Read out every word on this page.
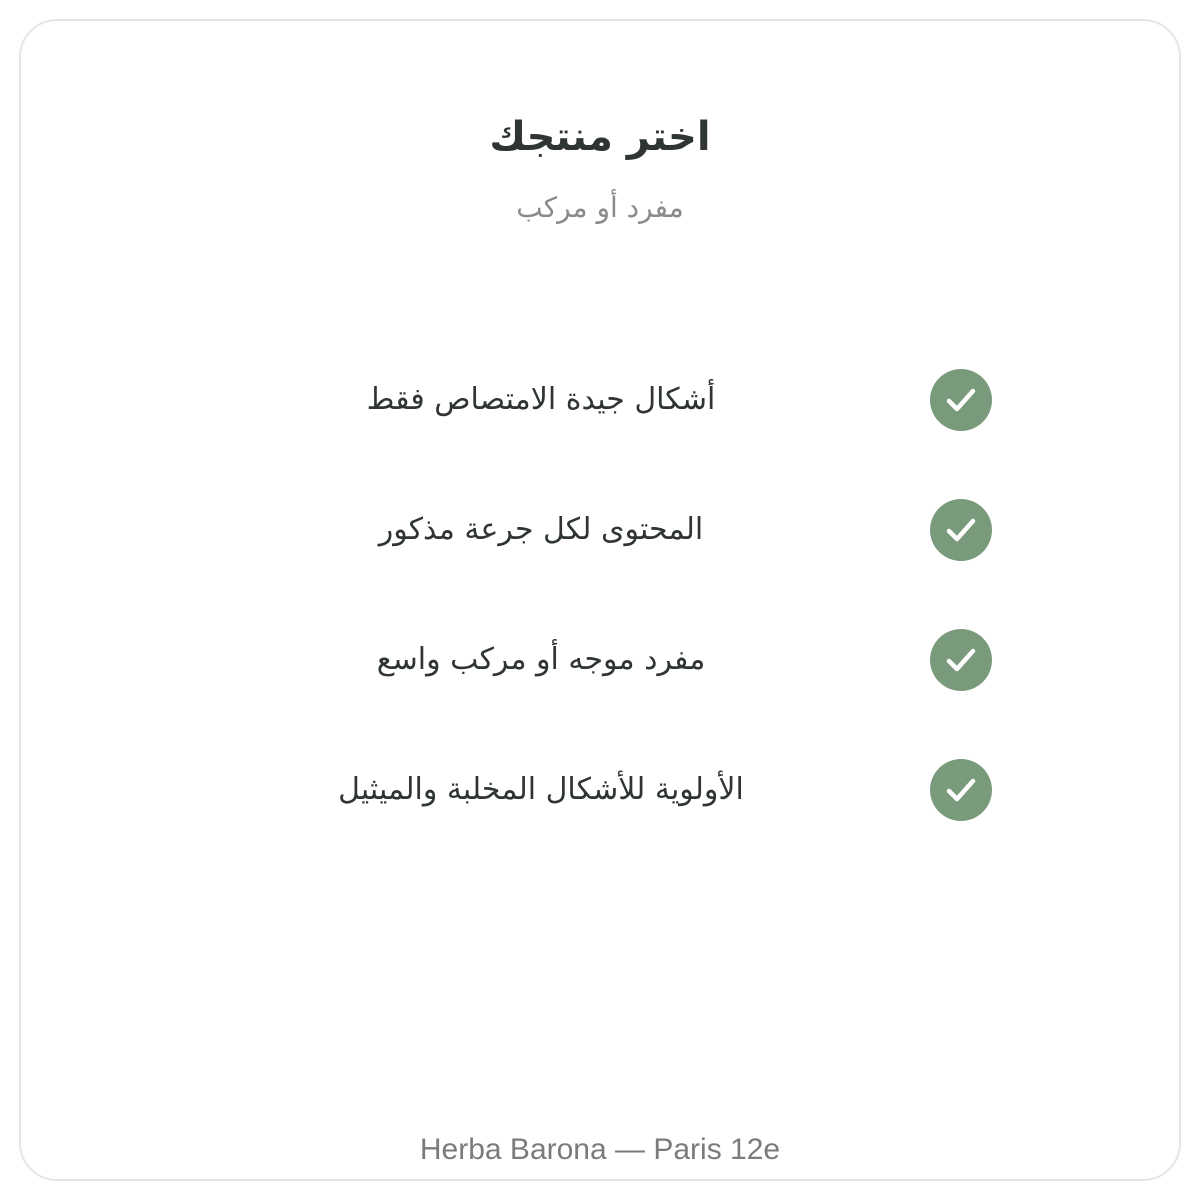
اختر منتجك
مفرد أو مركب
أشكال جيدة الامتصاص فقط
المحتوى لكل جرعة مذكور
مفرد موجه أو مركب واسع
الأولوية للأشكال المخلبة والميثيل
Herba Barona — Paris 12e
